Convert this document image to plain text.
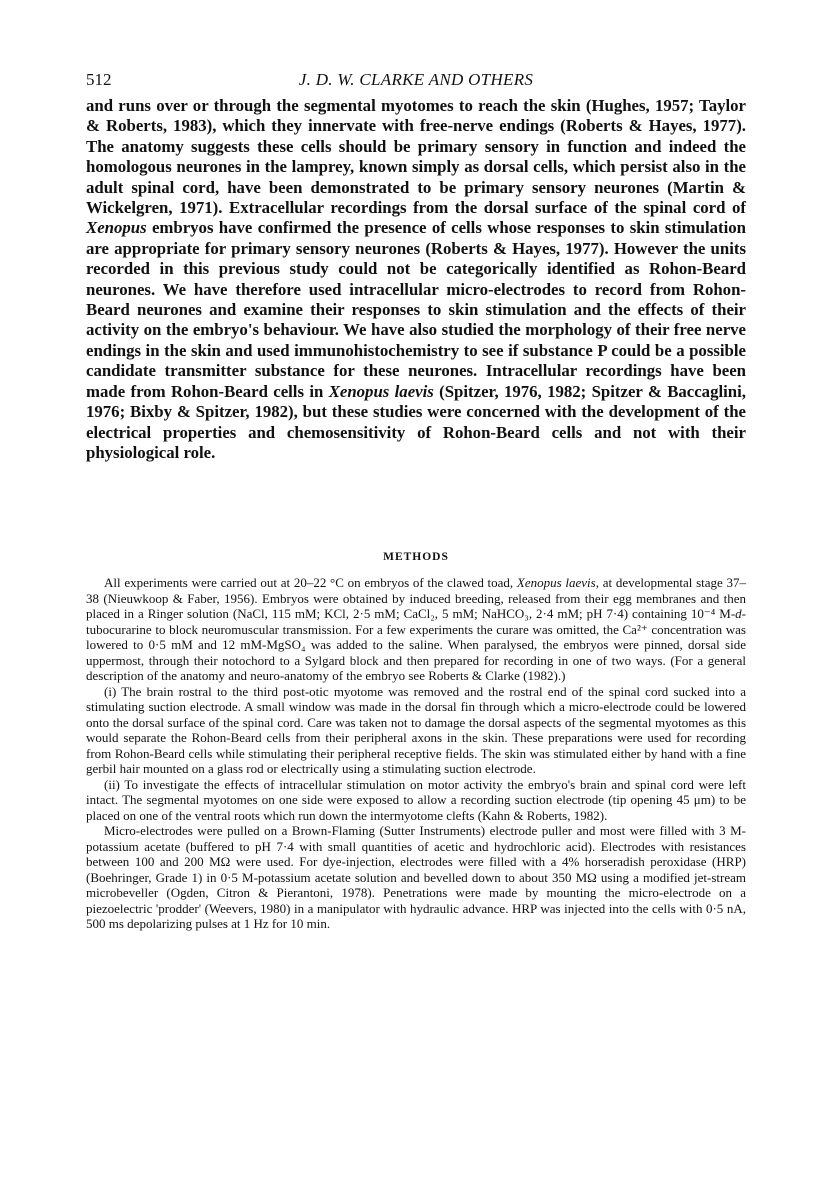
512	J. D. W. CLARKE AND OTHERS

and runs over or through the segmental myotomes to reach the skin (Hughes, 1957; Taylor & Roberts, 1983), which they innervate with free-nerve endings (Roberts & Hayes, 1977). The anatomy suggests these cells should be primary sensory in function and indeed the homologous neurones in the lamprey, known simply as dorsal cells, which persist also in the adult spinal cord, have been demonstrated to be primary sensory neurones (Martin & Wickelgren, 1971). Extracellular recordings from the dorsal surface of the spinal cord of Xenopus embryos have confirmed the presence of cells whose responses to skin stimulation are appropriate for primary sensory neurones (Roberts & Hayes, 1977). However the units recorded in this previous study could not be categorically identified as Rohon-Beard neurones. We have therefore used intracellular micro-electrodes to record from Rohon-Beard neurones and examine their responses to skin stimulation and the effects of their activity on the embryo's behaviour. We have also studied the morphology of their free nerve endings in the skin and used immunohistochemistry to see if substance P could be a possible candidate transmitter substance for these neurones. Intracellular recordings have been made from Rohon-Beard cells in Xenopus laevis (Spitzer, 1976, 1982; Spitzer & Baccaglini, 1976; Bixby & Spitzer, 1982), but these studies were concerned with the development of the electrical properties and chemosensitivity of Rohon-Beard cells and not with their physiological role.

METHODS

All experiments were carried out at 20–22 °C on embryos of the clawed toad, Xenopus laevis, at developmental stage 37–38 (Nieuwkoop & Faber, 1956). Embryos were obtained by induced breeding, released from their egg membranes and then placed in a Ringer solution (NaCl, 115 mM; KCl, 2·5 mM; CaCl₂, 5 mM; NaHCO₃, 2·4 mM; pH 7·4) containing 10⁻⁴ M-d-tubocurarine to block neuromuscular transmission. For a few experiments the curare was omitted, the Ca²⁺ concentration was lowered to 0·5 mM and 12 mM-MgSO₄ was added to the saline. When paralysed, the embryos were pinned, dorsal side uppermost, through their notochord to a Sylgard block and then prepared for recording in one of two ways. (For a general description of the anatomy and neuro-anatomy of the embryo see Roberts & Clarke (1982).)

(i) The brain rostral to the third post-otic myotome was removed and the rostral end of the spinal cord sucked into a stimulating suction electrode. A small window was made in the dorsal fin through which a micro-electrode could be lowered onto the dorsal surface of the spinal cord. Care was taken not to damage the dorsal aspects of the segmental myotomes as this would separate the Rohon-Beard cells from their peripheral axons in the skin. These preparations were used for recording from Rohon-Beard cells while stimulating their peripheral receptive fields. The skin was stimulated either by hand with a fine gerbil hair mounted on a glass rod or electrically using a stimulating suction electrode.

(ii) To investigate the effects of intracellular stimulation on motor activity the embryo's brain and spinal cord were left intact. The segmental myotomes on one side were exposed to allow a recording suction electrode (tip opening 45 μm) to be placed on one of the ventral roots which run down the intermyotome clefts (Kahn & Roberts, 1982).

Micro-electrodes were pulled on a Brown-Flaming (Sutter Instruments) electrode puller and most were filled with 3 M-potassium acetate (buffered to pH 7·4 with small quantities of acetic and hydrochloric acid). Electrodes with resistances between 100 and 200 MΩ were used. For dye-injection, electrodes were filled with a 4% horseradish peroxidase (HRP) (Boehringer, Grade 1) in 0·5 M-potassium acetate solution and bevelled down to about 350 MΩ using a modified jet-stream microbeveller (Ogden, Citron & Pierantoni, 1978). Penetrations were made by mounting the micro-electrode on a piezoelectric 'prodder' (Weevers, 1980) in a manipulator with hydraulic advance. HRP was injected into the cells with 0·5 nA, 500 ms depolarizing pulses at 1 Hz for 10 min.
